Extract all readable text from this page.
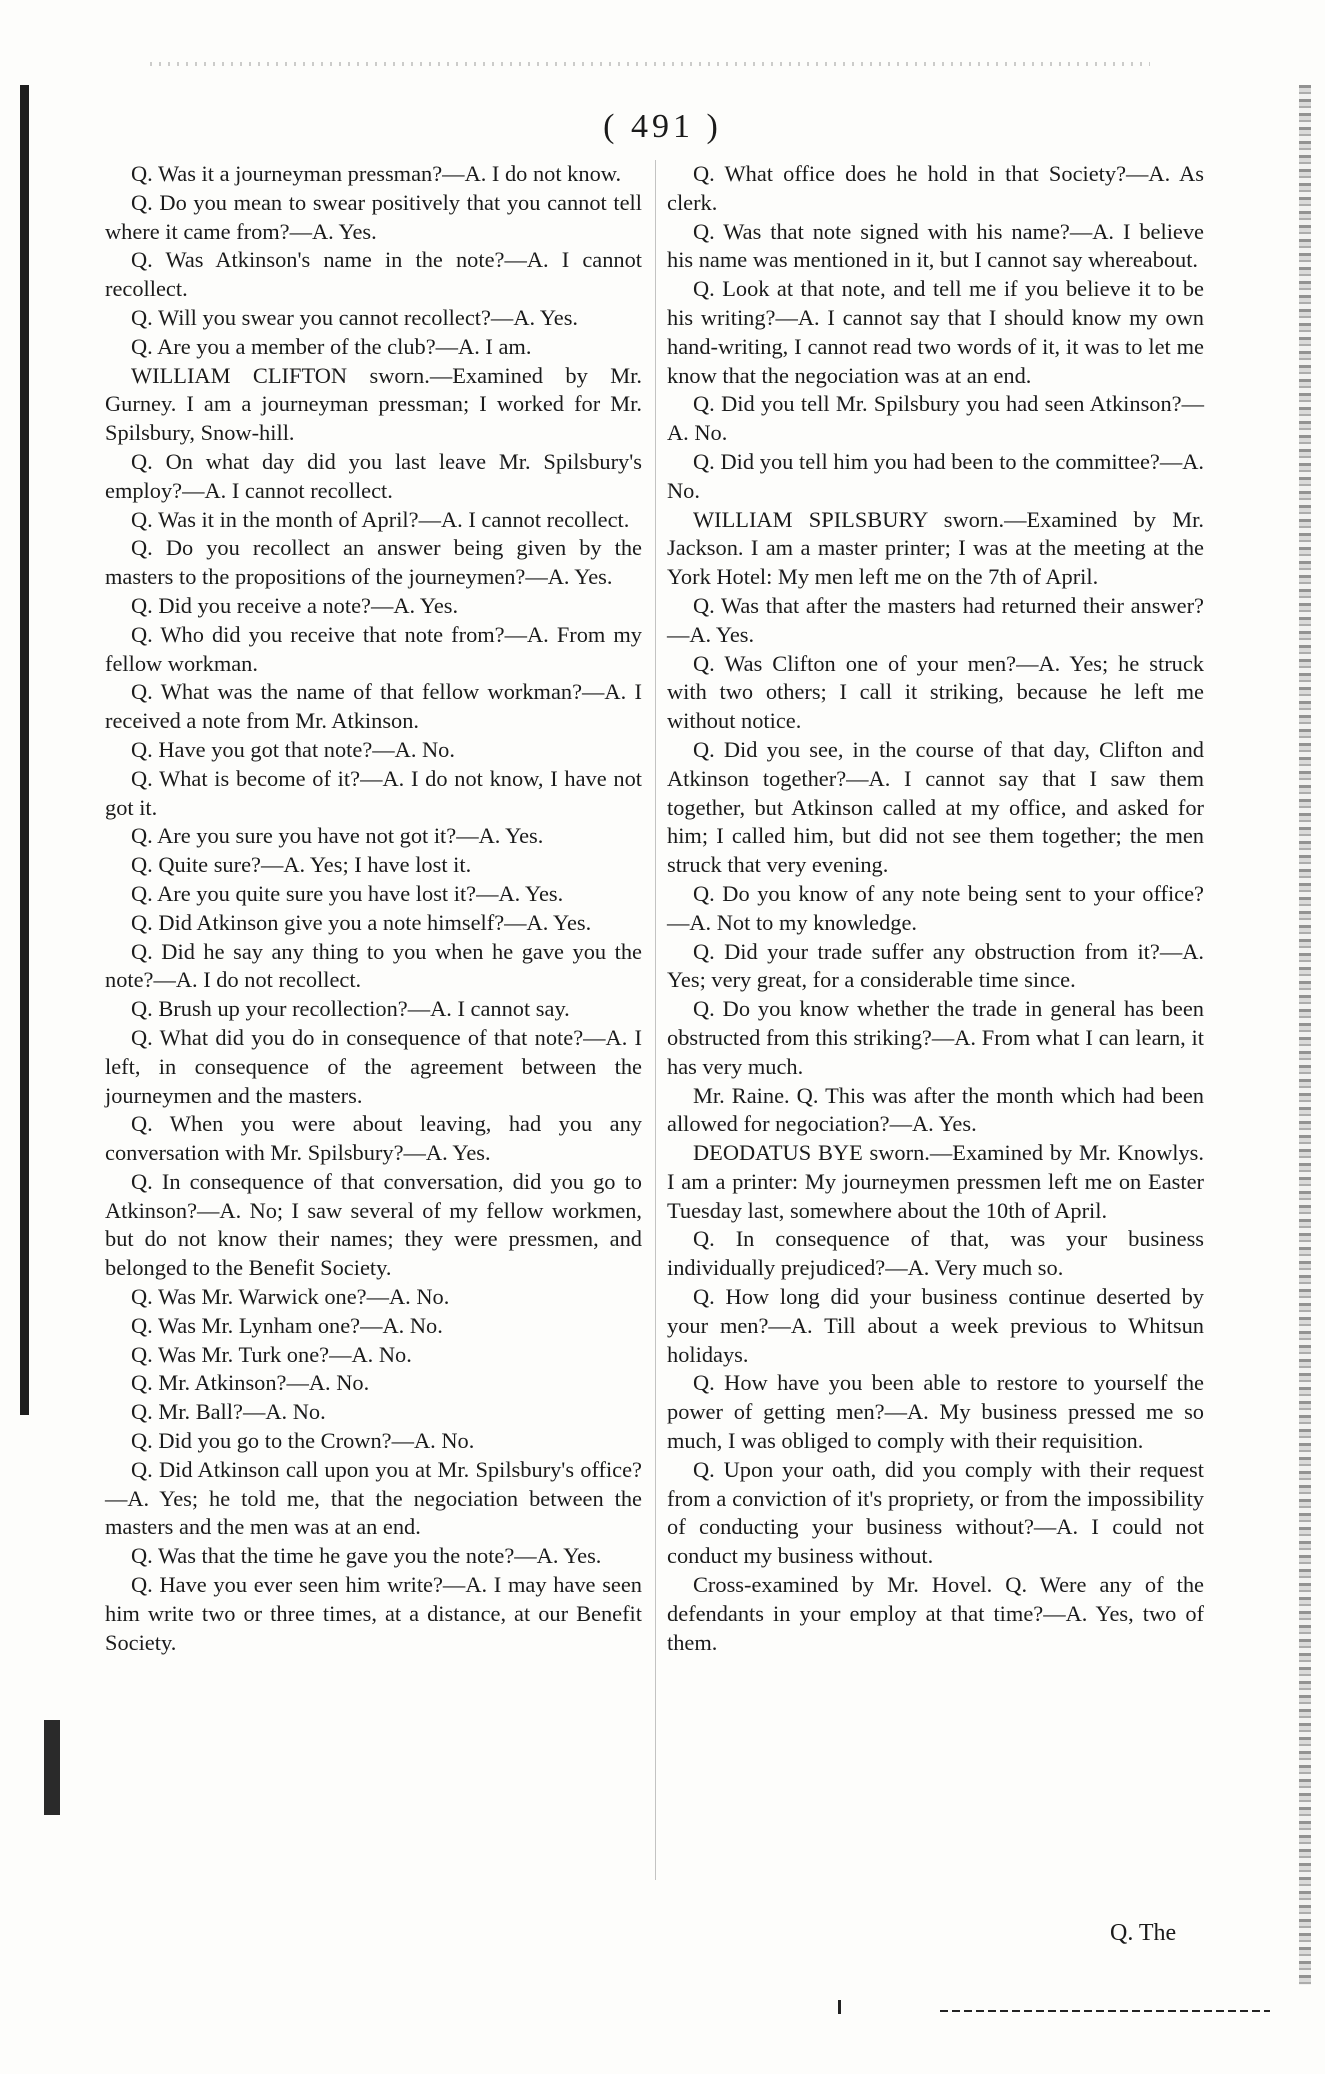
( 491 )

Q. Was it a journeyman pressman?—A. I do not know.

Q. Do you mean to swear positively that you cannot tell where it came from?—A. Yes.

Q. Was Atkinson's name in the note?—A. I cannot recollect.

Q. Will you swear you cannot recollect?—A. Yes.

Q. Are you a member of the club?—A. I am.

WILLIAM CLIFTON sworn.—Examined by Mr. Gurney. I am a journeyman pressman; I worked for Mr. Spilsbury, Snow-hill.

Q. On what day did you last leave Mr. Spilsbury's employ?—A. I cannot recollect.

Q. Was it in the month of April?—A. I cannot recollect.

Q. Do you recollect an answer being given by the masters to the propositions of the journeymen?—A. Yes.

Q. Did you receive a note?—A. Yes.

Q. Who did you receive that note from?—A. From my fellow workman.

Q. What was the name of that fellow workman?—A. I received a note from Mr. Atkinson.

Q. Have you got that note?—A. No.

Q. What is become of it?—A. I do not know, I have not got it.

Q. Are you sure you have not got it?—A. Yes.

Q. Quite sure?—A. Yes; I have lost it.

Q. Are you quite sure you have lost it?—A. Yes.

Q. Did Atkinson give you a note himself?—A. Yes.

Q. Did he say any thing to you when he gave you the note?—A. I do not recollect.

Q. Brush up your recollection?—A. I cannot say.

Q. What did you do in consequence of that note?—A. I left, in consequence of the agreement between the journeymen and the masters.

Q. When you were about leaving, had you any conversation with Mr. Spilsbury?—A. Yes.

Q. In consequence of that conversation, did you go to Atkinson?—A. No; I saw several of my fellow workmen, but do not know their names; they were pressmen, and belonged to the Benefit Society.

Q. Was Mr. Warwick one?—A. No.

Q. Was Mr. Lynham one?—A. No.

Q. Was Mr. Turk one?—A. No.

Q. Mr. Atkinson?—A. No.

Q. Mr. Ball?—A. No.

Q. Did you go to the Crown?—A. No.

Q. Did Atkinson call upon you at Mr. Spilsbury's office?—A. Yes; he told me, that the negociation between the masters and the men was at an end.

Q. Was that the time he gave you the note?—A. Yes.

Q. Have you ever seen him write?—A. I may have seen him write two or three times, at a distance, at our Benefit Society.

Q. What office does he hold in that Society?—A. As clerk.

Q. Was that note signed with his name?—A. I believe his name was mentioned in it, but I cannot say whereabout.

Q. Look at that note, and tell me if you believe it to be his writing?—A. I cannot say that I should know my own hand-writing, I cannot read two words of it, it was to let me know that the negociation was at an end.

Q. Did you tell Mr. Spilsbury you had seen Atkinson?—A. No.

Q. Did you tell him you had been to the committee?—A. No.

WILLIAM SPILSBURY sworn.—Examined by Mr. Jackson. I am a master printer; I was at the meeting at the York Hotel: My men left me on the 7th of April.

Q. Was that after the masters had returned their answer?—A. Yes.

Q. Was Clifton one of your men?—A. Yes; he struck with two others; I call it striking, because he left me without notice.

Q. Did you see, in the course of that day, Clifton and Atkinson together?—A. I cannot say that I saw them together, but Atkinson called at my office, and asked for him; I called him, but did not see them together; the men struck that very evening.

Q. Do you know of any note being sent to your office?—A. Not to my knowledge.

Q. Did your trade suffer any obstruction from it?—A. Yes; very great, for a considerable time since.

Q. Do you know whether the trade in general has been obstructed from this striking?—A. From what I can learn, it has very much.

Mr. Raine. Q. This was after the month which had been allowed for negociation?—A. Yes.

DEODATUS BYE sworn.—Examined by Mr. Knowlys. I am a printer: My journeymen pressmen left me on Easter Tuesday last, somewhere about the 10th of April.

Q. In consequence of that, was your business individually prejudiced?—A. Very much so.

Q. How long did your business continue deserted by your men?—A. Till about a week previous to Whitsun holidays.

Q. How have you been able to restore to yourself the power of getting men?—A. My business pressed me so much, I was obliged to comply with their requisition.

Q. Upon your oath, did you comply with their request from a conviction of it's propriety, or from the impossibility of conducting your business without?—A. I could not conduct my business without.

Cross-examined by Mr. Hovel. Q. Were any of the defendants in your employ at that time?—A. Yes, two of them.

Q. The
